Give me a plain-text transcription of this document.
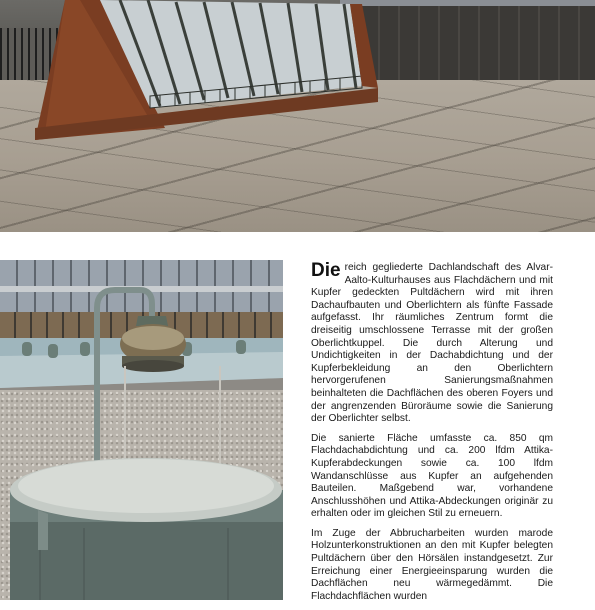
Die reich gegliederte Dachlandschaft des Alvar-Aalto-Kulturhauses aus Flachdächern und mit Kupfer gedeckten Pultdächern wird mit ihren Dachaufbauten und Oberlichtern als fünfte Fassade aufgefasst. Ihr räumliches Zentrum formt die dreiseitig umschlossene Terrasse mit der großen Oberlichtkuppel. Die durch Alterung und Undichtigkeiten in der Dachabdichtung und der Kupferbekleidung an den Oberlichtern hervorgerufenen Sanierungsmaßnahmen beinhalteten die Dachflächen des oberen Foyers und der angrenzenden Büroräume sowie die Sanierung der Oberlichter selbst.

Die sanierte Fläche umfasste ca. 850 qm Flachdachabdichtung und ca. 200 lfdm Attika-Kupferabdeckungen sowie ca. 100 lfdm Wandanschlüsse aus Kupfer an aufgehenden Bauteilen. Maßgebend war, vorhandene Anschlusshöhen und Attika-Abdeckungen originär zu erhalten oder im gleichen Stil zu erneuern.

Im Zuge der Abbrucharbeiten wurden marode Holzunterkonstruktionen an den mit Kupfer belegten Pultdächern über den Hörsälen instandgesetzt. Zur Erreichung einer Energieeinsparung wurden die Dachflächen neu wärmegedämmt. Die Flachdachflächen wurden
